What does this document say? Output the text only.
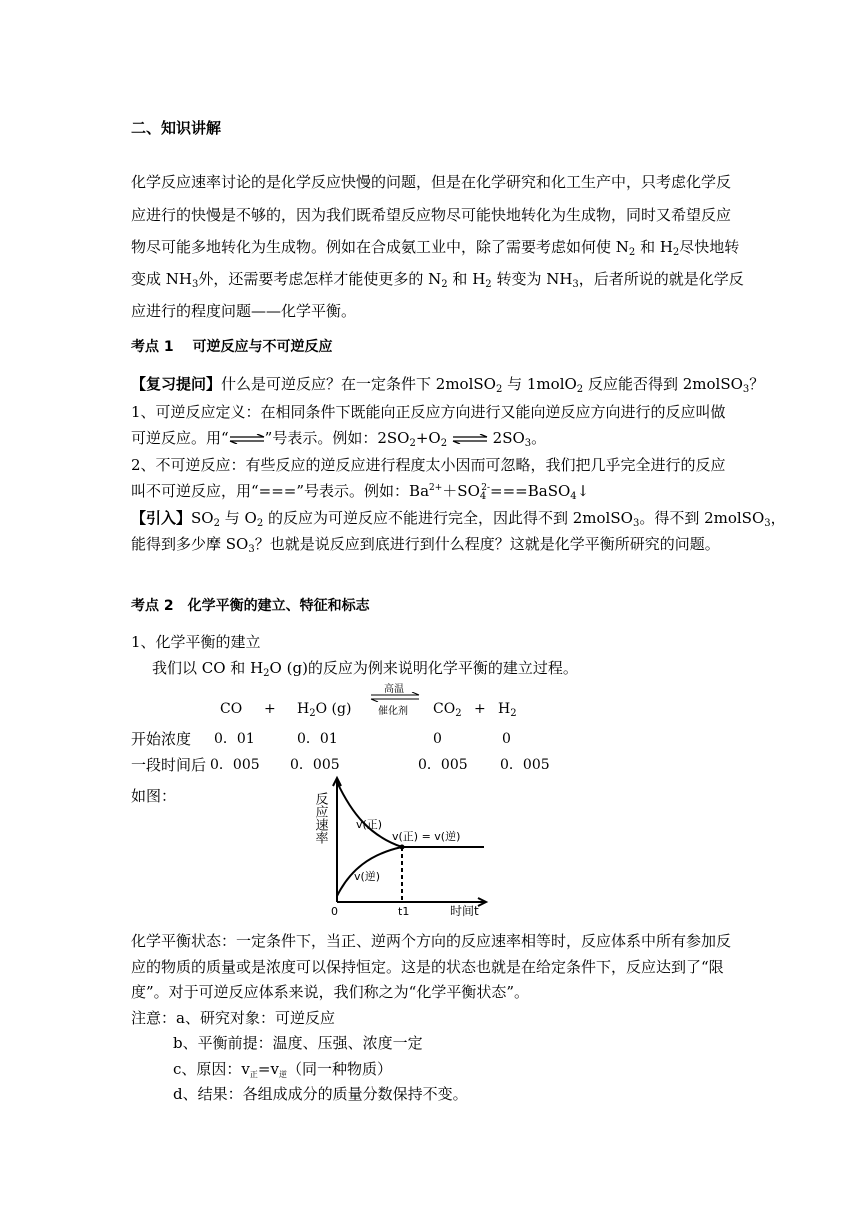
二、知识讲解
化学反应速率讨论的是化学反应快慢的问题，但是在化学研究和化工生产中，只考虑化学反
应进行的快慢是不够的，因为我们既希望反应物尽可能快地转化为生成物，同时又希望反应
物尽可能多地转化为生成物。例如在合成氨工业中，除了需要考虑如何使 $N_2$ 和 $H_2$尽快地转
变成 $NH_3$外，还需要考虑怎样才能使更多的 $N_2$ 和 $H_2$ 转变为 $NH_3$，后者所说的就是化学反
应进行的程度问题——化学平衡。
考点 1　 可逆反应与不可逆反应
【复习提问】什么是可逆反应？在一定条件下 2molSO$_2$ 与 1molO$_2$ 反应能否得到 2molSO$_3$？
1、可逆反应定义：在相同条件下既能向正反应方向进行又能向逆反应方向进行的反应叫做
可逆反应。用“⇌”号表示。例如：$2SO_2+O_2$ ⇌ $2SO_3$。
2、不可逆反应：有些反应的逆反应进行程度太小因而可忽略，我们把几乎完全进行的反应
叫不可逆反应，用“===”号表示。例如：$Ba^{2+}+SO_4^{2-}===BaSO_4↓$
【引入】$SO_2$ 与 $O_2$ 的反应为可逆反应不能进行完全，因此得不到 2molSO$_3$。得不到 2molSO$_3$，
能得到多少摩 $SO_3$？也就是说反应到底进行到什么程度？这就是化学平衡所研究的问题。
考点 2　化学平衡的建立、特征和标志
1、化学平衡的建立
我们以 CO 和 $H_2O$ (g)的反应为例来说明化学平衡的建立过程。
CO + $H_2O$ (g)
高温
催化剂 $CO_2 + H_2$
开始浓度 0．01	0．01	0	0
一段时间后 0．005 0．005	0．005 0．005
如图：	反应速率	v(正)
v(逆)
v(正) = v(逆)
0	t1	时间t
化学平衡状态：一定条件下，当正、逆两个方向的反应速率相等时，反应体系中所有参加反
应的物质的质量或是浓度可以保持恒定。这是的状态也就是在给定条件下，反应达到了“限
度”。对于可逆反应体系来说，我们称之为“化学平衡状态”。
注意：a、研究对象：可逆反应
b、平衡前提：温度、压强、浓度一定
c、原因：$v_正=v_逆$（同一种物质）
d、结果：各组成成分的质量分数保持不变。
